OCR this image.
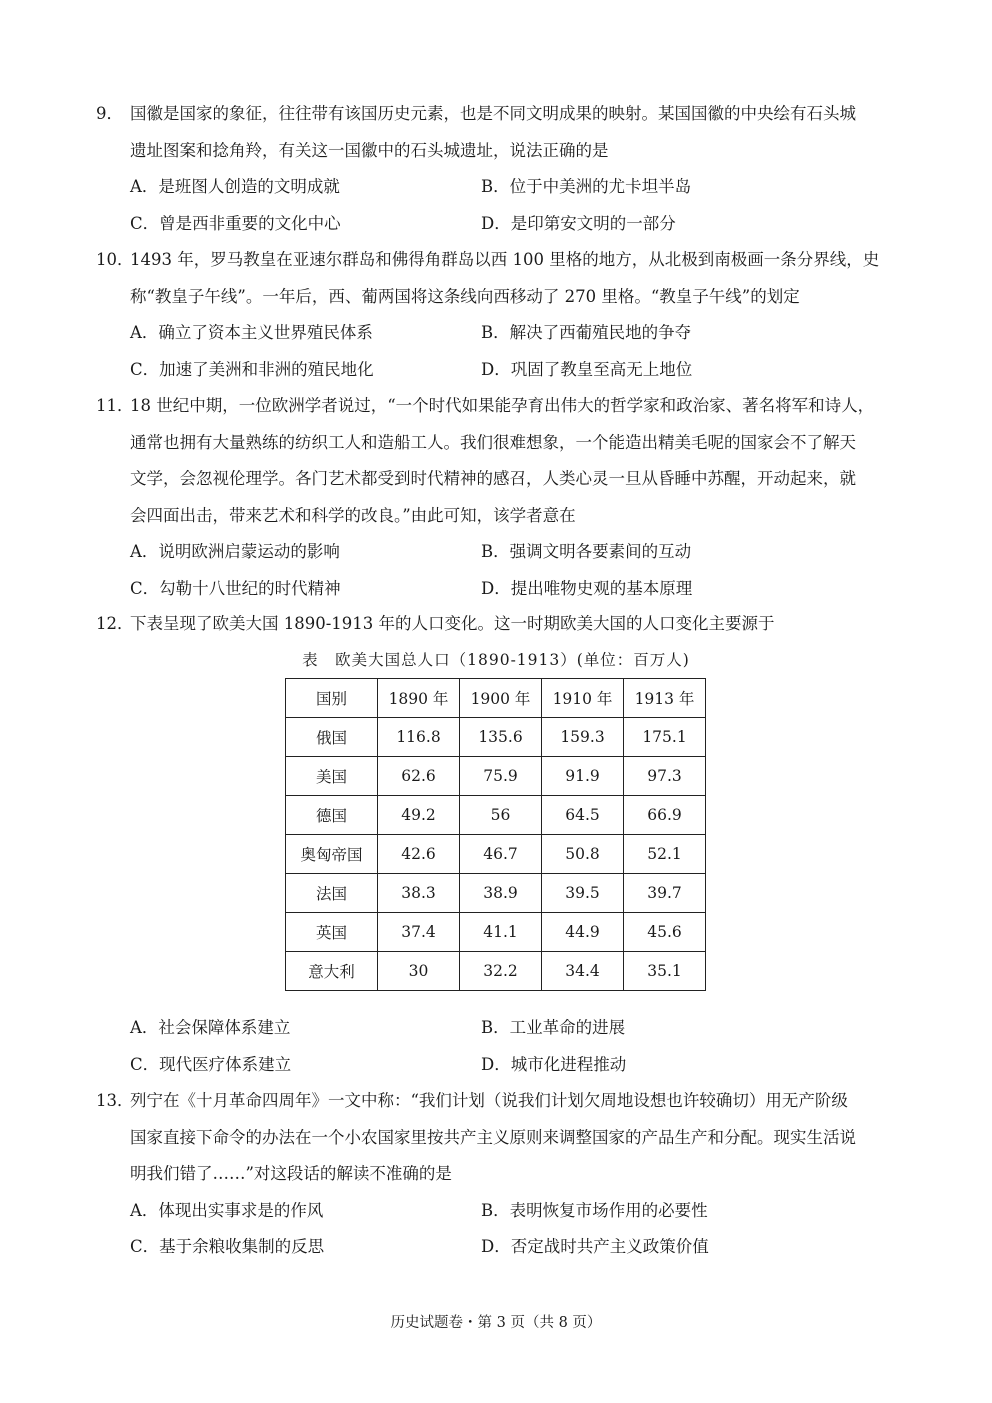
9． 国徽是国家的象征，往往带有该国历史元素，也是不同文明成果的映射。某国国徽的中央绘有石头城
遗址图案和捻角羚，有关这一国徽中的石头城遗址，说法正确的是
A．是班图人创造的文明成就	B．位于中美洲的尤卡坦半岛
C．曾是西非重要的文化中心	D．是印第安文明的一部分
10．1493 年，罗马教皇在亚速尔群岛和佛得角群岛以西 100 里格的地方，从北极到南极画一条分界线，史
称“教皇子午线”。一年后，西、葡两国将这条线向西移动了 270 里格。“教皇子午线”的划定
A．确立了资本主义世界殖民体系	B．解决了西葡殖民地的争夺
C．加速了美洲和非洲的殖民地化	D．巩固了教皇至高无上地位
11．18 世纪中期，一位欧洲学者说过，“一个时代如果能孕育出伟大的哲学家和政治家、著名将军和诗人，
通常也拥有大量熟练的纺织工人和造船工人。我们很难想象，一个能造出精美毛呢的国家会不了解天
文学，会忽视伦理学。各门艺术都受到时代精神的感召，人类心灵一旦从昏睡中苏醒，开动起来，就
会四面出击，带来艺术和科学的改良。”由此可知，该学者意在
A．说明欧洲启蒙运动的影响	B．强调文明各要素间的互动
C．勾勒十八世纪的时代精神	D．提出唯物史观的基本原理
12．下表呈现了欧美大国 1890-1913 年的人口变化。这一时期欧美大国的人口变化主要源于
表　欧美大国总人口（1890-1913）(单位：百万人)
国别	1890 年	1900 年	1910 年	1913 年
俄国	116.8	135.6	159.3	175.1
美国	62.6	75.9	91.9	97.3
德国	49.2	56	64.5	66.9
奥匈帝国	42.6	46.7	50.8	52.1
法国	38.3	38.9	39.5	39.7
英国	37.4	41.1	44.9	45.6
意大利	30	32.2	34.4	35.1
A．社会保障体系建立	B．工业革命的进展
C．现代医疗体系建立	D．城市化进程推动
13．列宁在《十月革命四周年》一文中称：“我们计划（说我们计划欠周地设想也许较确切）用无产阶级
国家直接下命令的办法在一个小农国家里按共产主义原则来调整国家的产品生产和分配。现实生活说
明我们错了……”对这段话的解读不准确的是
A．体现出实事求是的作风	B．表明恢复市场作用的必要性
C．基于余粮收集制的反思	D．否定战时共产主义政策价值
历史试题卷・第 3 页（共 8 页）
